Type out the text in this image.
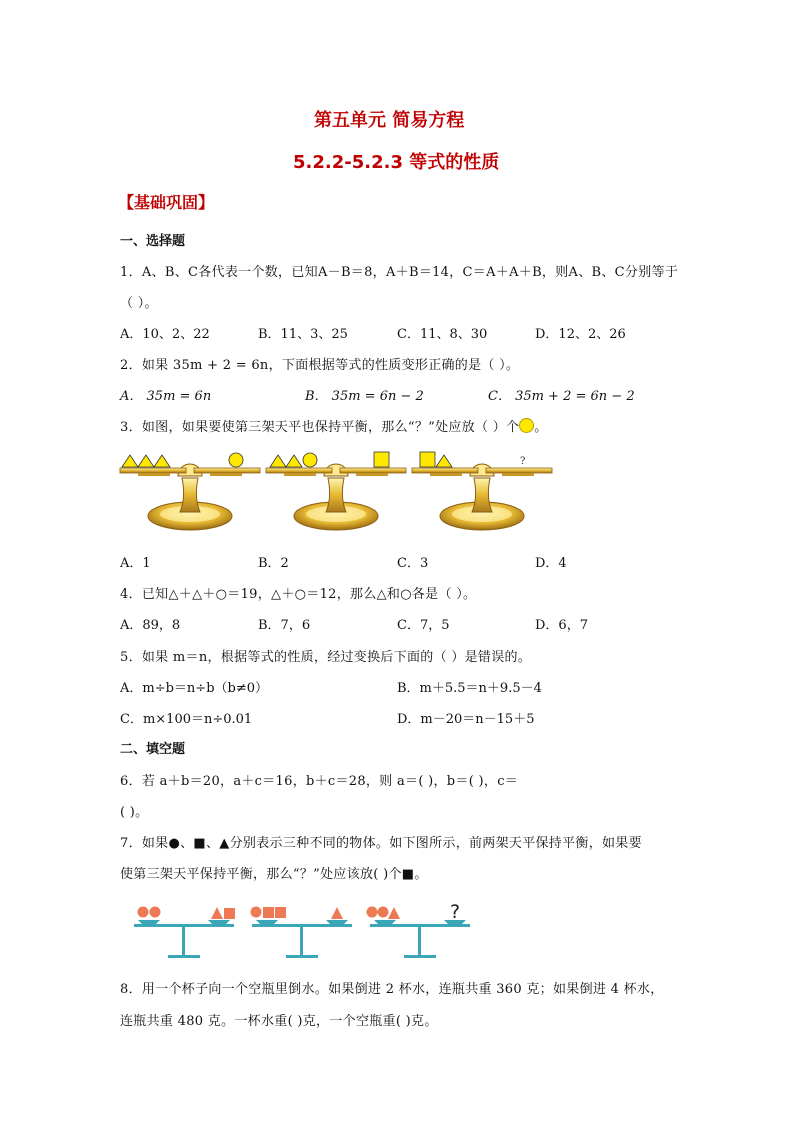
第五单元 简易方程
5.2.2-5.2.3 等式的性质
【基础巩固】
一、选择题
1．A、B、C各代表一个数，已知A－B＝8，A＋B＝14，C＝A＋A＋B，则A、B、C分别等于
（ ）。
A．10、2、22	B．11、3、25	C．11、8、30	D．12、2、26
2．如果 35m + 2 = 6n，下面根据等式的性质变形正确的是（ ）。
A． 35m = 6n	B． 35m = 6n − 2	C． 35m + 2 = 6n − 2
3．如图，如果要使第三架天平也保持平衡，那么“？”处应放（ ）个 。
?
A．1	B．2	C．3	D．4
4．已知△＋△＋○＝19，△＋○＝12，那么△和○各是（ ）。
A．89，8	B．7，6	C．7，5	D．6，7
5．如果 m＝n，根据等式的性质，经过变换后下面的（ ）是错误的。
A．m÷b＝n÷b（b≠0）	B．m＋5.5＝n＋9.5－4
C．m×100＝n÷0.01	D．m－20＝n－15＋5
二、填空题
6．若 a＋b＝20，a＋c＝16，b＋c＝28，则 a＝( )，b＝( )，c＝
( )。
7．如果●、■、▲分别表示三种不同的物体。如下图所示，前两架天平保持平衡，如果要
使第三架天平保持平衡，那么“？”处应该放( )个■。
?
8．用一个杯子向一个空瓶里倒水。如果倒进 2 杯水，连瓶共重 360 克；如果倒进 4 杯水，
连瓶共重 480 克。一杯水重( )克，一个空瓶重( )克。
